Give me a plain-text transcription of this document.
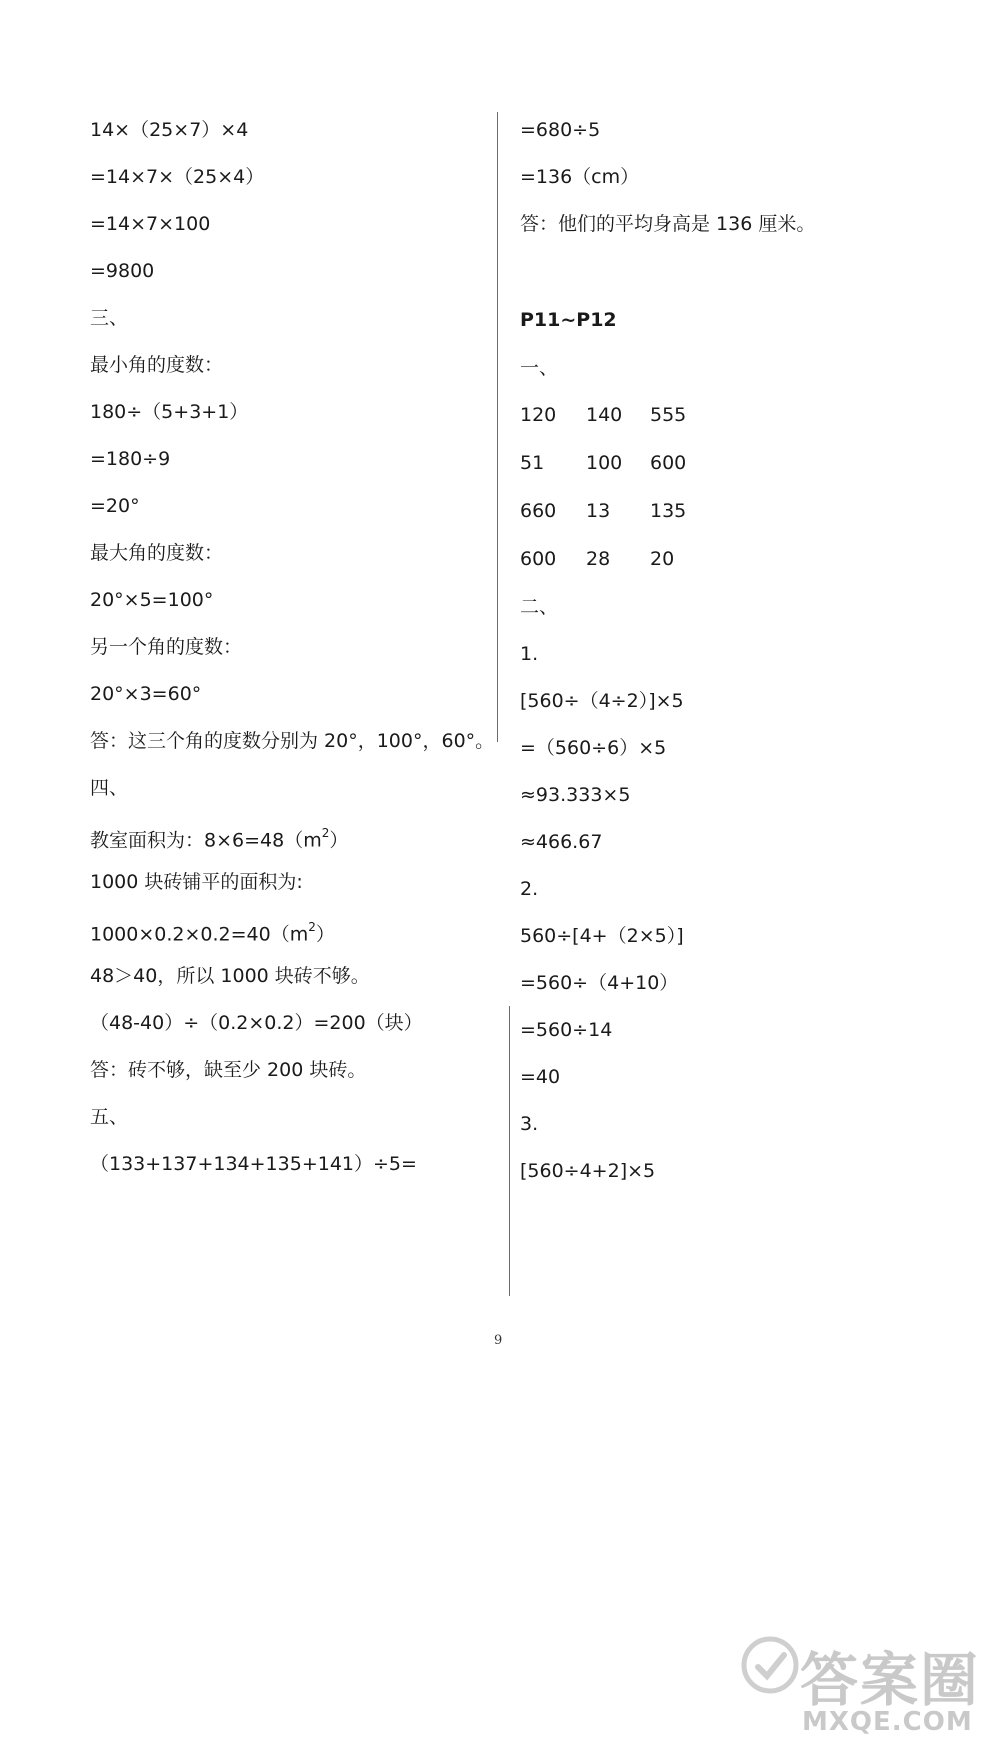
14×（25×7）×4
=14×7×（25×4）
=14×7×100
=9800
三、
最小角的度数：
180÷（5+3+1）
=180÷9
=20°
最大角的度数：
20°×5=100°
另一个角的度数：
20°×3=60°
答：这三个角的度数分别为 20°，100°，60°。
四、
教室面积为：$8\times 6=48(m^2)$
1000 块砖铺平的面积为:
$1000\times 0.2\times 0.2=40(m^2)$
48＞40，所以 1000 块砖不够。
（48-40）÷（0.2×0.2）=200（块）
答：砖不够，缺至少 200 块砖。
五、
（133+137+134+135+141）÷5=
=680÷5
=136（cm）
答：他们的平均身高是 136 厘米。
P11~P12
一、
120 140 555
51 100 600
660 13 135
600 28 20
二、
1.
[560÷（4÷2）]×5
=（560÷6）×5
≈93.333×5
≈466.67
2.
560÷[4+（2×5）]
=560÷（4+10）
=560÷14
=40
3.
[560÷4+2]×5
9
答案圈
MXQE.COM
